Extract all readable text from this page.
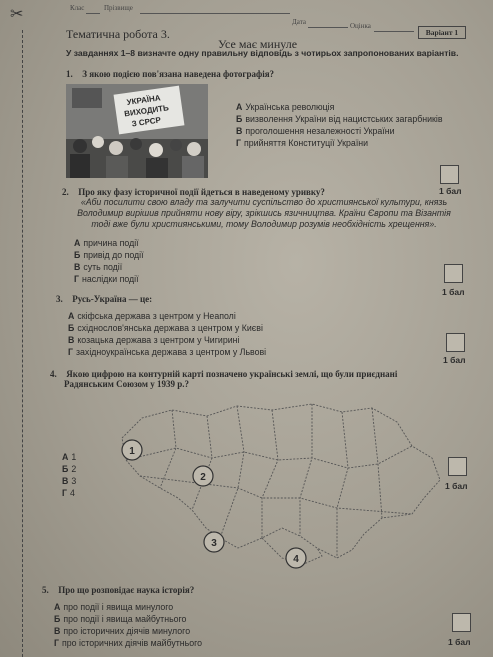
✂	Клас	Прізвище
Дата	Оцінка
Варіант 1
Тематична робота 3.
Усе має минуле
У завданнях 1–8 визначте одну правильну відповідь з чотирьох запропонованих варіантів.
1. З якою подією пов'язана наведена фотографія?
УКРАЇНА
ВИХОДИТЬ
З СРСР
А Українська революція
Б визволення України від нацистських загарбників
В проголошення незалежності України
Г прийняття Конституції України
1 бал
2. Про яку фазу історичної події йдеться в наведеному уривку?
«Аби посилити свою владу та залучити суспільство до християнської культури, князь Володимир вирішив прийняти нову віру, зрікшись язичництва. Країни Європи та Візантія тоді вже були християнськими, тому Володимир розумів необхідність хрещення».
А причина події
Б привід до події
В суть події
Г наслідки події
1 бал
3. Русь-Україна — це:
А скіфська держава з центром у Неаполі
Б східнослов'янська держава з центром у Києві
В козацька держава з центром у Чигирині
Г західноукраїнська держава з центром у Львові
1 бал
4. Якою цифрою на контурній карті позначено українські землі, що були приєднані
Радянським Союзом у 1939 р.?
А 1
Б 2
В 3
Г 4
1
2
3
4
1 бал
5. Про що розповідає наука історія?
А про події і явища минулого
Б про події і явища майбутнього
В про історичних діячів минулого
Г про історичних діячів майбутнього	1 бал
